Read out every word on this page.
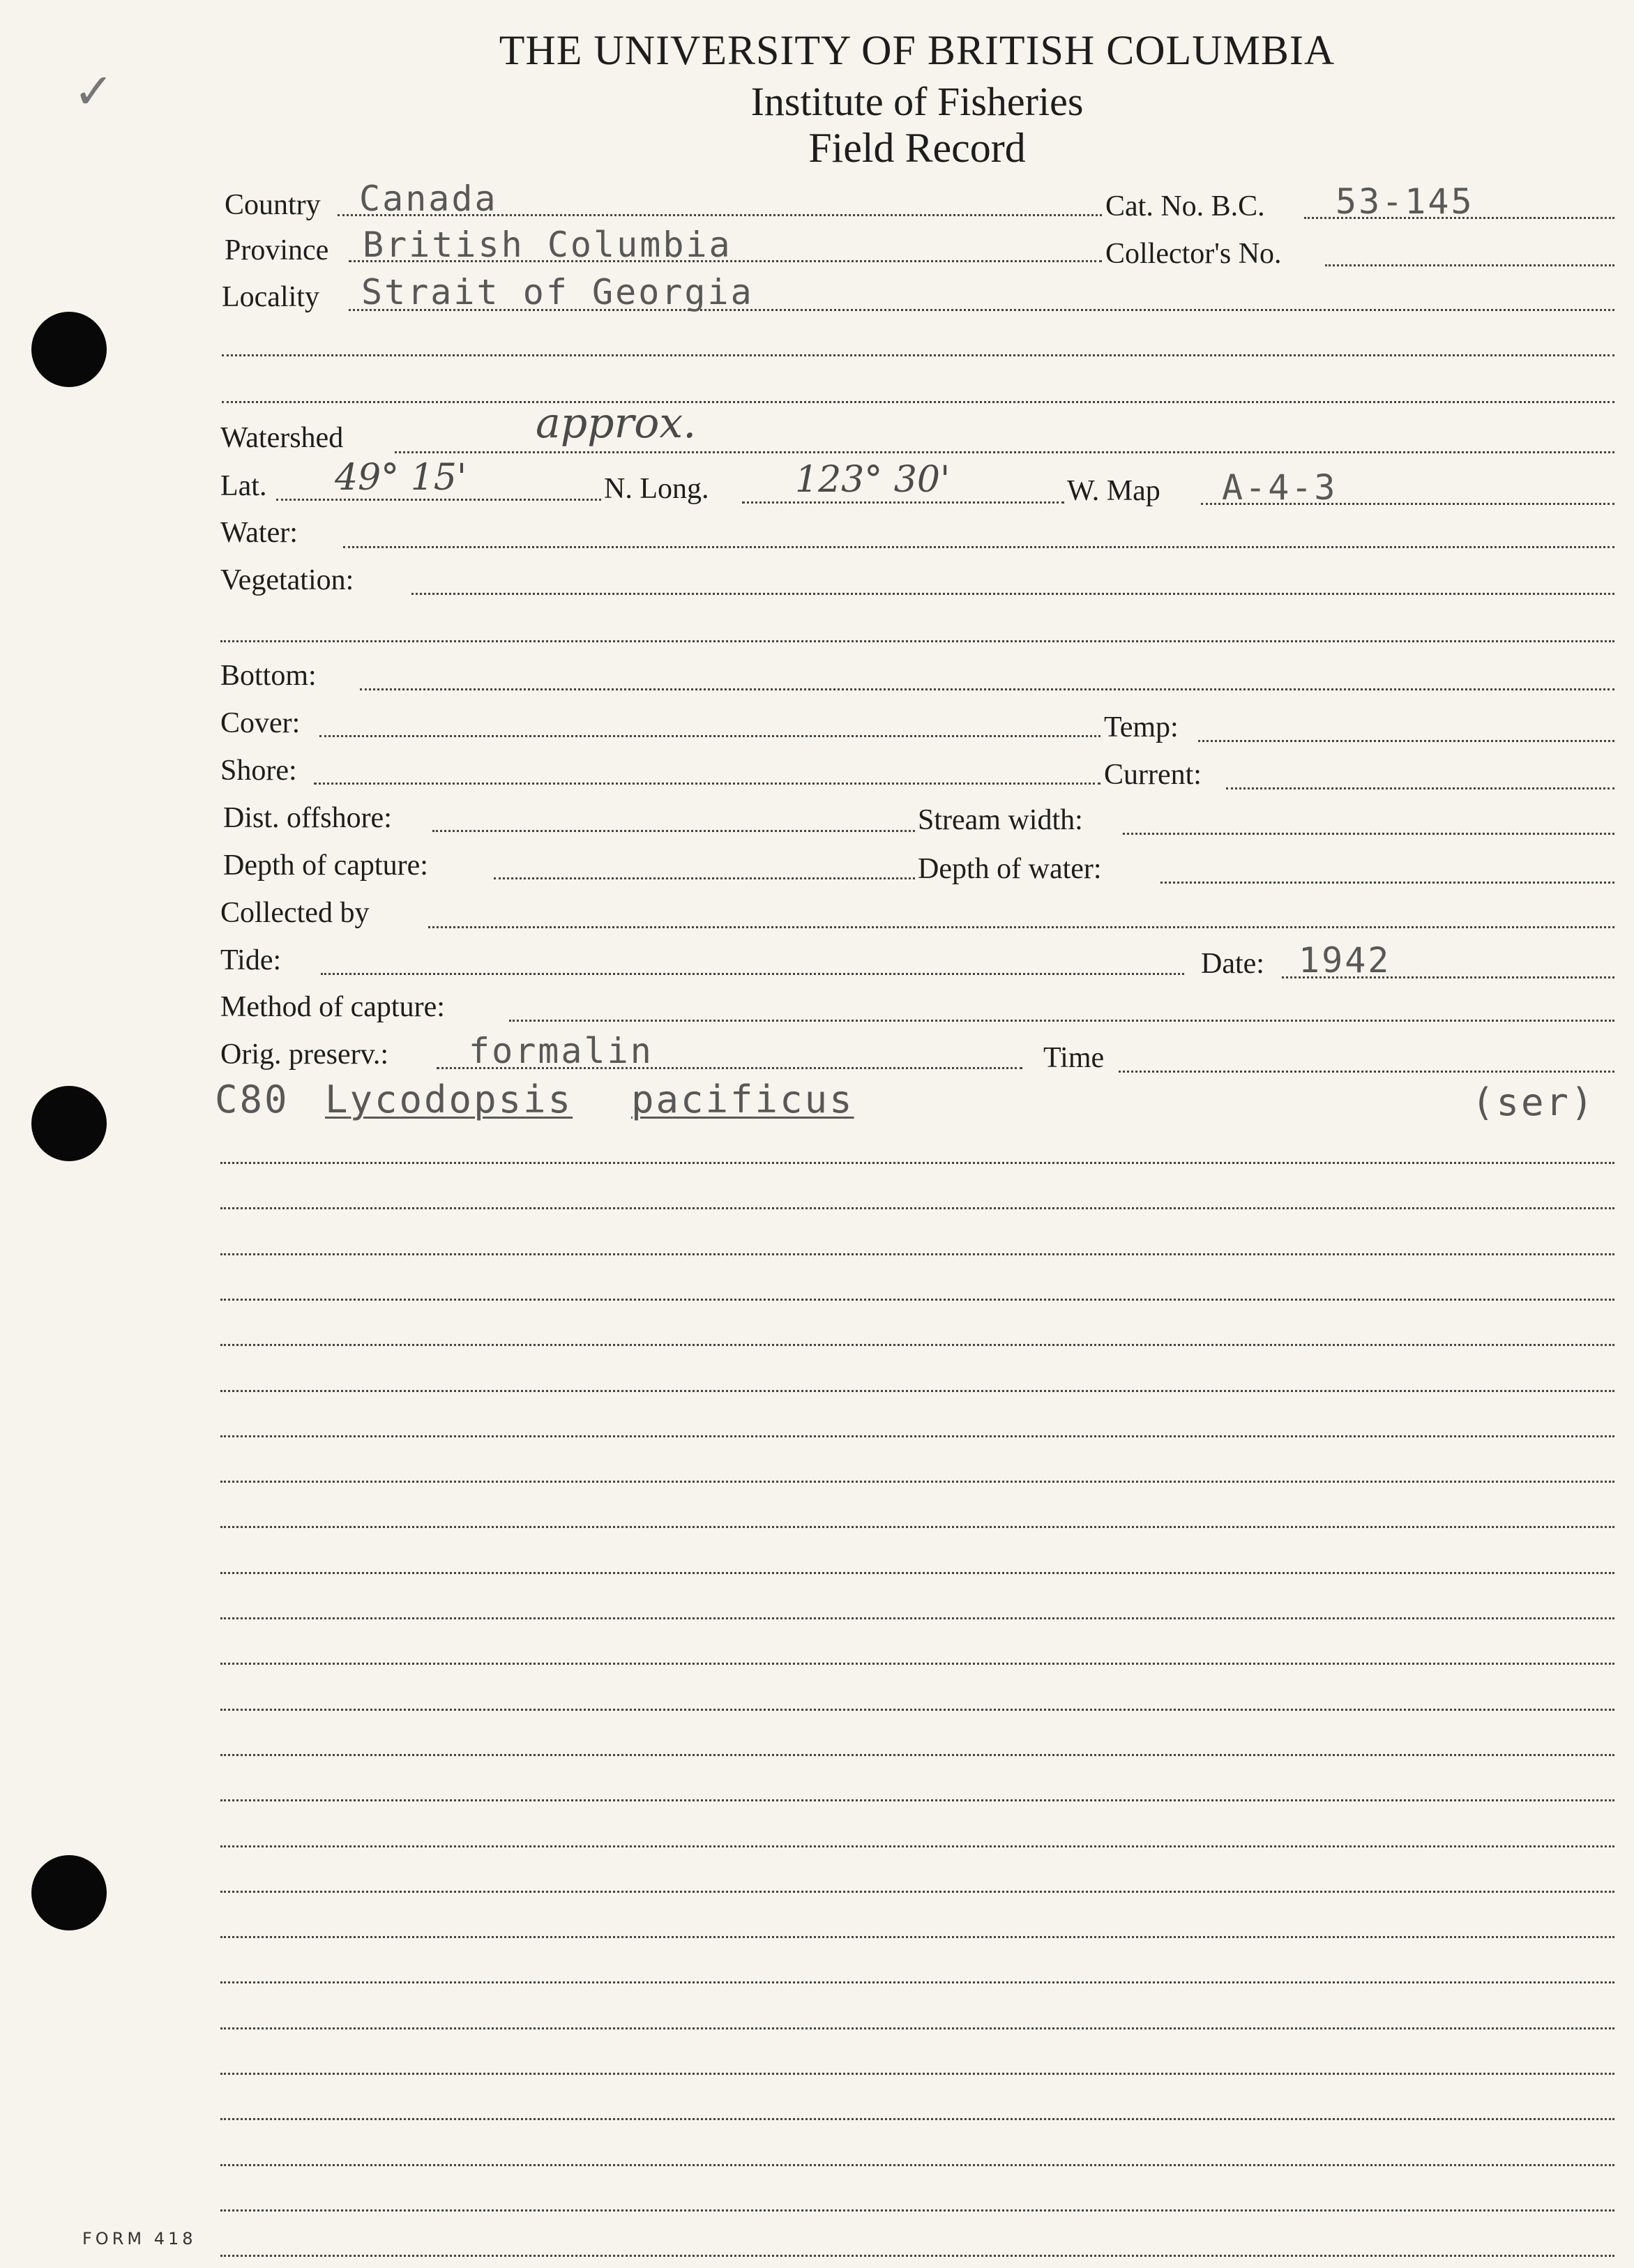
✓
THE UNIVERSITY OF BRITISH COLUMBIA
Institute of Fisheries
Field Record
Country Canada	Cat. No. B.C. 53-145
Province British Columbia	Collector's No.
Locality Strait of Georgia
Watershed	approx.
Lat. 49° 15'	N. Long. 123° 30'	W. Map A-4-3
Water:
Vegetation:
Bottom:
Cover:	Temp:
Shore:	Current:
Dist. offshore:	Stream width:
Depth of capture:	Depth of water:
Collected by
Tide:	Date: 1942
Method of capture:
Orig. preserv.: formalin	Time
C80 Lycodopsis pacificus	(ser)
FORM 418
